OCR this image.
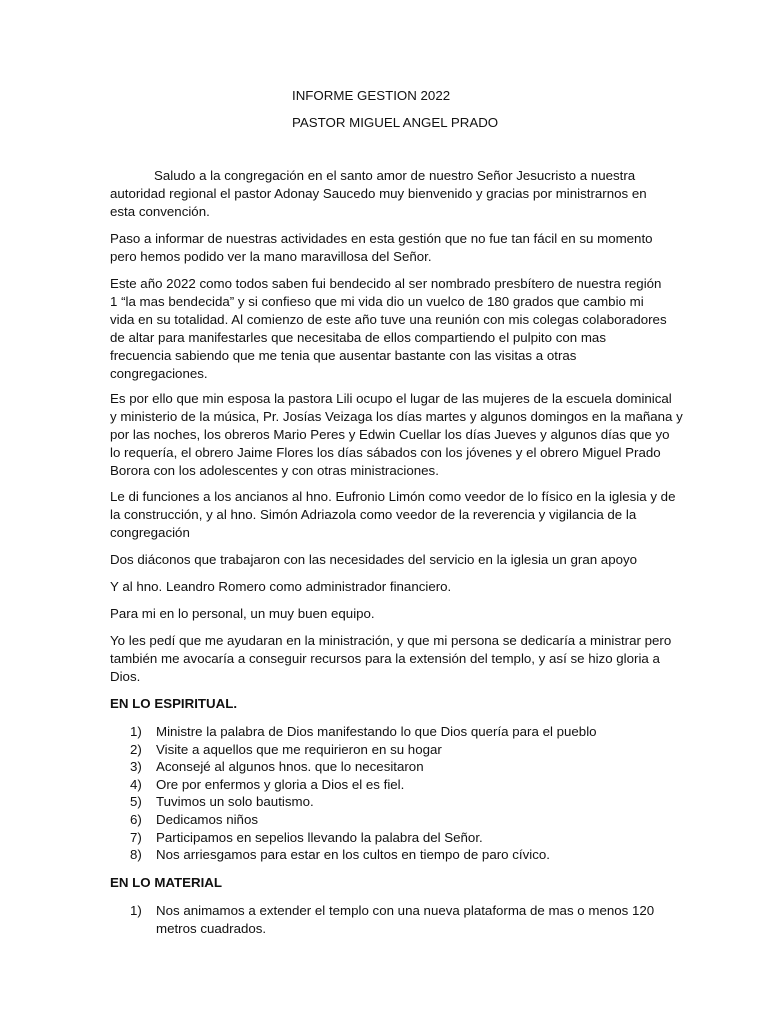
INFORME GESTION 2022
PASTOR MIGUEL ANGEL PRADO

Saludo a la congregación en el santo amor de nuestro Señor Jesucristo a nuestra
autoridad regional el pastor Adonay Saucedo muy bienvenido y gracias por ministrarnos en
esta convención.

Paso a informar de nuestras actividades en esta gestión que no fue tan fácil en su momento
pero hemos podido ver la mano maravillosa del Señor.

Este año 2022 como todos saben fui bendecido al ser nombrado presbítero de nuestra región
1 “la mas bendecida” y si confieso que mi vida dio un vuelco de 180 grados que cambio mi
vida en su totalidad. Al comienzo de este año tuve una reunión con mis colegas colaboradores
de altar para manifestarles que necesitaba de ellos compartiendo el pulpito con mas
frecuencia sabiendo que me tenia que ausentar bastante con las visitas a otras
congregaciones.

Es por ello que min esposa la pastora Lili ocupo el lugar de las mujeres de la escuela dominical
y ministerio de la música, Pr. Josías Veizaga los días martes y algunos domingos en la mañana y
por las noches, los obreros Mario Peres y Edwin Cuellar los días Jueves y algunos días que yo
lo requería, el obrero Jaime Flores los días sábados con los jóvenes y el obrero Miguel Prado
Borora con los adolescentes y con otras ministraciones.

Le di funciones a los ancianos al hno. Eufronio Limón como veedor de lo físico en la iglesia y de
la construcción, y al hno. Simón Adriazola como veedor de la reverencia y vigilancia de la
congregación

Dos diáconos que trabajaron con las necesidades del servicio en la iglesia un gran apoyo

Y al hno. Leandro Romero como administrador financiero.

Para mi en lo personal, un muy buen equipo.

Yo les pedí que me ayudaran en la ministración, y que mi persona se dedicaría a ministrar pero
también me avocaría a conseguir recursos para la extensión del templo, y así se hizo gloria a
Dios.

EN LO ESPIRITUAL.
1)	Ministre la palabra de Dios manifestando lo que Dios quería para el pueblo
2)	Visite a aquellos que me requirieron en su hogar
3)	Aconsejé al algunos hnos. que lo necesitaron
4)	Ore por enfermos y gloria a Dios el es fiel.
5)	Tuvimos un solo bautismo.
6)	Dedicamos niños
7)	Participamos en sepelios llevando la palabra del Señor.
8)	Nos arriesgamos para estar en los cultos en tiempo de paro cívico.
EN LO MATERIAL
1)	Nos animamos a extender el templo con una nueva plataforma de mas o menos 120
metros cuadrados.
